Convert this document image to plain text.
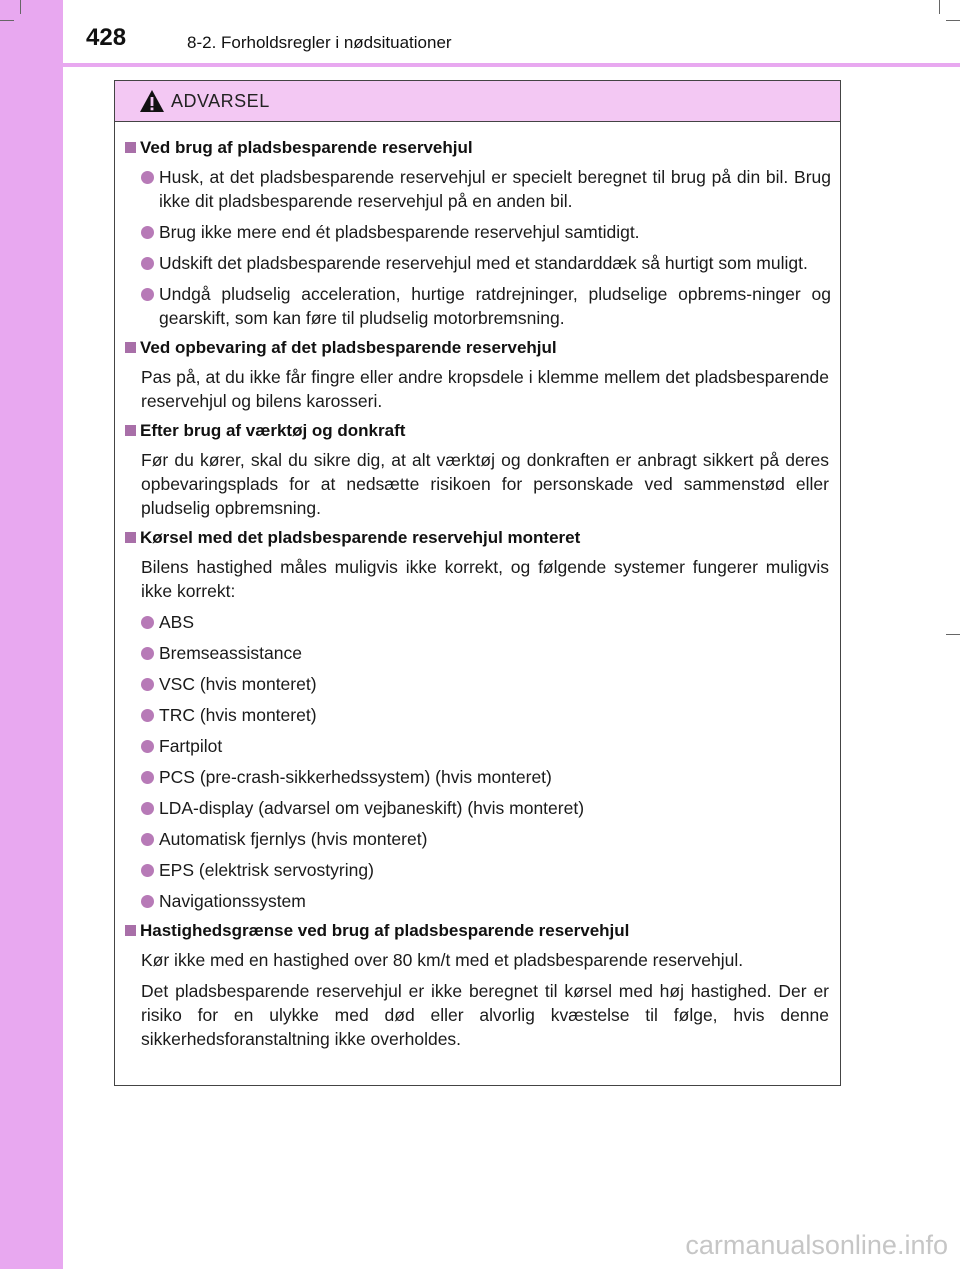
428	8-2. Forholdsregler i nødsituationer
ADVARSEL
Ved brug af pladsbesparende reservehjul
Husk, at det pladsbesparende reservehjul er specielt beregnet til brug på din bil. Brug ikke dit pladsbesparende reservehjul på en anden bil.
Brug ikke mere end ét pladsbesparende reservehjul samtidigt.
Udskift det pladsbesparende reservehjul med et standarddæk så hurtigt som muligt.
Undgå pludselig acceleration, hurtige ratdrejninger, pludselige opbrems-ninger og gearskift, som kan føre til pludselig motorbremsning.
Ved opbevaring af det pladsbesparende reservehjul
Pas på, at du ikke får fingre eller andre kropsdele i klemme mellem det pladsbesparende reservehjul og bilens karosseri.
Efter brug af værktøj og donkraft
Før du kører, skal du sikre dig, at alt værktøj og donkraften er anbragt sikkert på deres opbevaringsplads for at nedsætte risikoen for personskade ved sammenstød eller pludselig opbremsning.
Kørsel med det pladsbesparende reservehjul monteret
Bilens hastighed måles muligvis ikke korrekt, og følgende systemer fungerer muligvis ikke korrekt:
ABS
Bremseassistance
VSC (hvis monteret)
TRC (hvis monteret)
Fartpilot
PCS (pre-crash-sikkerhedssystem) (hvis monteret)
LDA-display (advarsel om vejbaneskift) (hvis monteret)
Automatisk fjernlys (hvis monteret)
EPS (elektrisk servostyring)
Navigationssystem
Hastighedsgrænse ved brug af pladsbesparende reservehjul
Kør ikke med en hastighed over 80 km/t med et pladsbesparende reservehjul.
Det pladsbesparende reservehjul er ikke beregnet til kørsel med høj hastighed. Der er risiko for en ulykke med død eller alvorlig kvæstelse til følge, hvis denne sikkerhedsforanstaltning ikke overholdes.
carmanualsonline.info
